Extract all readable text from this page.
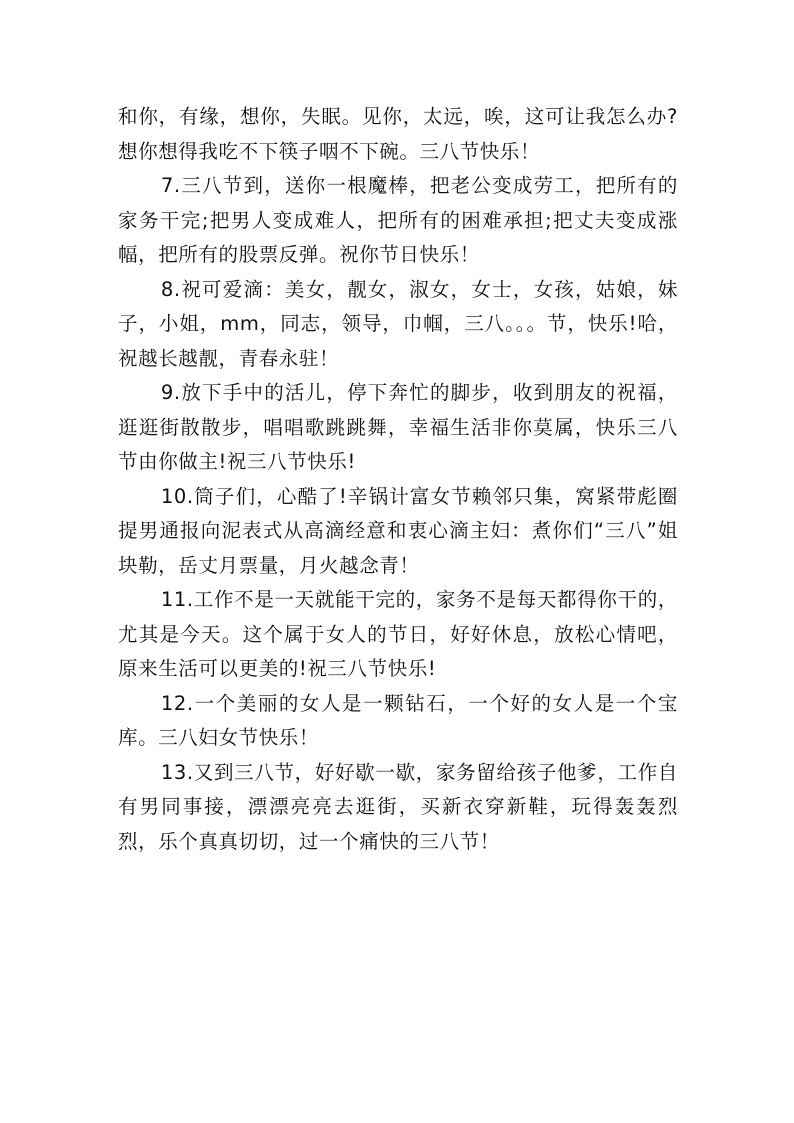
和你，有缘，想你，失眠。见你，太远，唉，这可让我怎么办?想你想得我吃不下筷子咽不下碗。三八节快乐！

7.三八节到，送你一根魔棒，把老公变成劳工，把所有的家务干完;把男人变成难人，把所有的困难承担;把丈夫变成涨幅，把所有的股票反弹。祝你节日快乐！

8.祝可爱滴：美女，靓女，淑女，女士，女孩，姑娘，妹子，小姐，mm，同志，领导，巾帼，三八。。。节，快乐!哈，祝越长越靓，青春永驻！

9.放下手中的活儿，停下奔忙的脚步，收到朋友的祝福，逛逛街散散步，唱唱歌跳跳舞，幸福生活非你莫属，快乐三八节由你做主!祝三八节快乐!

10.筒子们，心酷了!辛锅计富女节赖邻只集，窝紧带彪圈提男通报向泥表式从高滴经意和衷心滴主妇：煮你们“三八”姐块勒，岳丈月票量，月火越念青！

11.工作不是一天就能干完的，家务不是每天都得你干的，尤其是今天。这个属于女人的节日，好好休息，放松心情吧，原来生活可以更美的!祝三八节快乐!

12.一个美丽的女人是一颗钻石，一个好的女人是一个宝库。三八妇女节快乐！

13.又到三八节，好好歇一歇，家务留给孩子他爹，工作自有男同事接，漂漂亮亮去逛街，买新衣穿新鞋，玩得轰轰烈烈，乐个真真切切，过一个痛快的三八节！
